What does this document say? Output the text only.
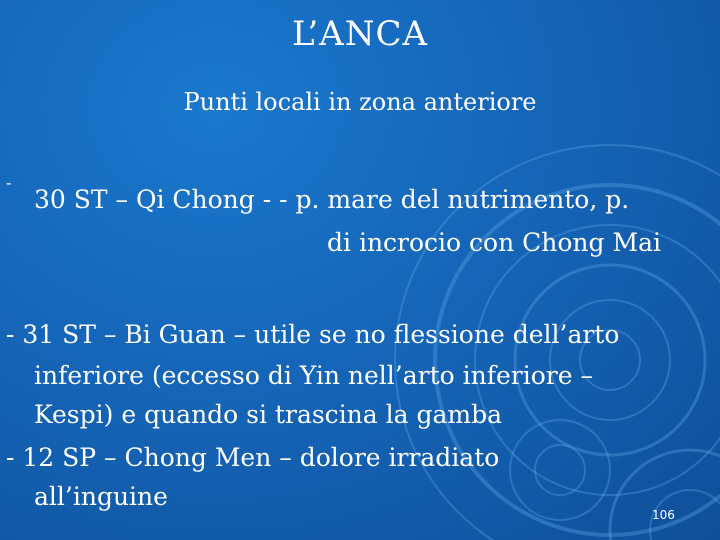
L’ANCA
Punti locali in zona anteriore
-
30 ST – Qi Chong - - p. mare del nutrimento, p.
di incrocio con Chong Mai
- 31 ST – Bi Guan – utile se no flessione dell’arto
inferiore (eccesso di Yin nell’arto inferiore –
Kespi) e quando si trascina la gamba
- 12 SP – Chong Men – dolore irradiato
all’inguine
106
